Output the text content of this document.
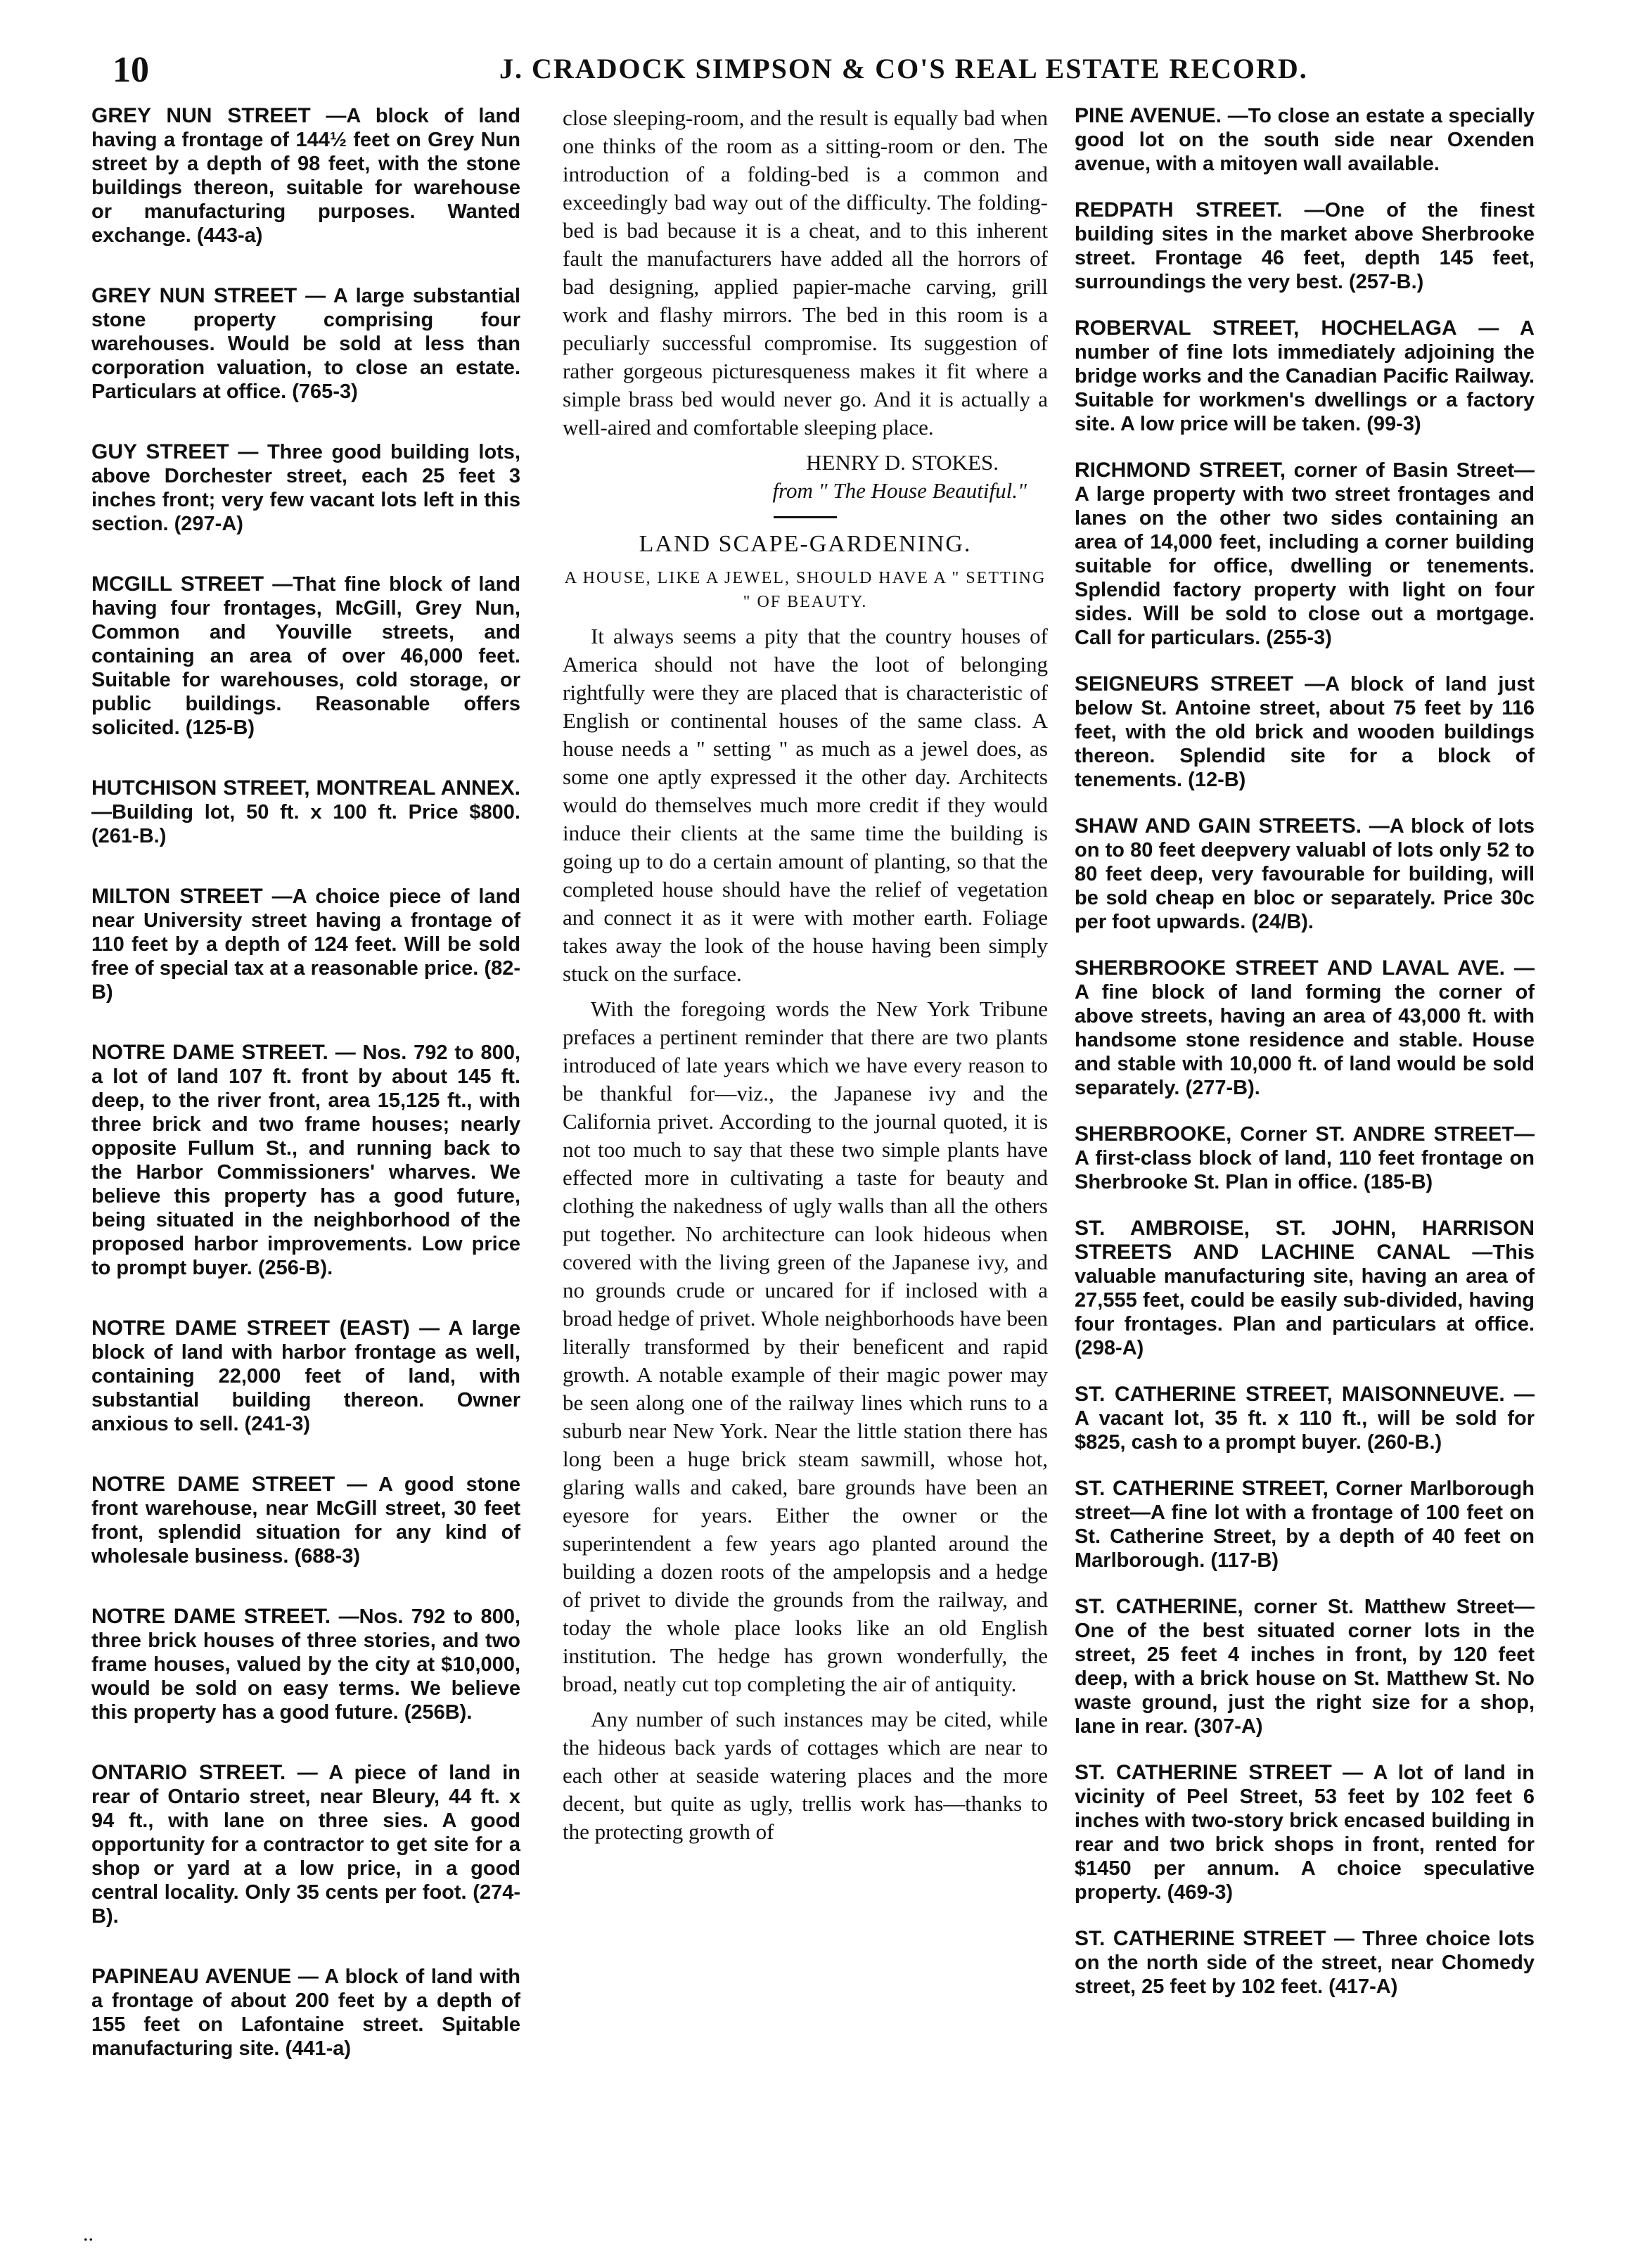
10	J. CRADOCK SIMPSON & CO'S REAL ESTATE RECORD.
GREY NUN STREET —A block of land having a frontage of 144½ feet on Grey Nun street by a depth of 98 feet, with the stone buildings thereon, suitable for warehouse or manufacturing purposes. Wanted exchange. (443-a)
GREY NUN STREET — A large substantial stone property comprising four warehouses. Would be sold at less than corporation valuation, to close an estate. Particulars at office. (765-3)
GUY STREET — Three good building lots, above Dorchester street, each 25 feet 3 inches front; very few vacant lots left in this section. (297-A)
MCGILL STREET —That fine block of land having four frontages, McGill, Grey Nun, Common and Youville streets, and containing an area of over 46,000 feet. Suitable for warehouses, cold storage, or public buildings. Reasonable offers solicited. (125-B)
HUTCHISON STREET, MONTREAL ANNEX. —Building lot, 50 ft. x 100 ft. Price $800. (261-B.)
MILTON STREET —A choice piece of land near University street having a frontage of 110 feet by a depth of 124 feet. Will be sold free of special tax at a reasonable price. (82-B)
NOTRE DAME STREET. — Nos. 792 to 800, a lot of land 107 ft. front by about 145 ft. deep, to the river front, area 15,125 ft., with three brick and two frame houses; nearly opposite Fullum St., and running back to the Harbor Commissioners' wharves. We believe this property has a good future, being situated in the neighborhood of the proposed harbor improvements. Low price to prompt buyer. (256-B).
NOTRE DAME STREET (EAST) — A large block of land with harbor frontage as well, containing 22,000 feet of land, with substantial building thereon. Owner anxious to sell. (241-3)
NOTRE DAME STREET — A good stone front warehouse, near McGill street, 30 feet front, splendid situation for any kind of wholesale business. (688-3)
NOTRE DAME STREET. —Nos. 792 to 800, three brick houses of three stories, and two frame houses, valued by the city at $10,000, would be sold on easy terms. We believe this property has a good future. (256B).
ONTARIO STREET. — A piece of land in rear of Ontario street, near Bleury, 44 ft. x 94 ft., with lane on three sies. A good opportunity for a contractor to get site for a shop or yard at a low price, in a good central locality. Only 35 cents per foot. (274-B).
PAPINEAU AVENUE — A block of land with a frontage of about 200 feet by a depth of 155 feet on Lafontaine street. Sµitable manufacturing site. (441-a)

close sleeping-room, and the result is equally bad when one thinks of the room as a sitting-room or den. The introduction of a folding-bed is a common and exceedingly bad way out of the difficulty. The folding-bed is bad because it is a cheat, and to this inherent fault the manufacturers have added all the horrors of bad designing, applied papier-mache carving, grill work and flashy mirrors. The bed in this room is a peculiarly successful compromise. Its suggestion of rather gorgeous picturesqueness makes it fit where a simple brass bed would never go. And it is actually a well-aired and comfortable sleeping place.

HENRY D. STOKES.
from " The House Beautiful."
LAND SCAPE-GARDENING.
A HOUSE, LIKE A JEWEL, SHOULD HAVE A " SETTING " OF BEAUTY.

It always seems a pity that the country houses of America should not have the loot of belonging rightfully were they are placed that is characteristic of English or continental houses of the same class. A house needs a " setting " as much as a jewel does, as some one aptly expressed it the other day. Architects would do themselves much more credit if they would induce their clients at the same time the building is going up to do a certain amount of planting, so that the completed house should have the relief of vegetation and connect it as it were with mother earth. Foliage takes away the look of the house having been simply stuck on the surface.

With the foregoing words the New York Tribune prefaces a pertinent reminder that there are two plants introduced of late years which we have every reason to be thankful for—viz., the Japanese ivy and the California privet. According to the journal quoted, it is not too much to say that these two simple plants have effected more in cultivating a taste for beauty and clothing the nakedness of ugly walls than all the others put together. No architecture can look hideous when covered with the living green of the Japanese ivy, and no grounds crude or uncared for if inclosed with a broad hedge of privet. Whole neighborhoods have been literally transformed by their beneficent and rapid growth. A notable example of their magic power may be seen along one of the railway lines which runs to a suburb near New York. Near the little station there has long been a huge brick steam sawmill, whose hot, glaring walls and caked, bare grounds have been an eyesore for years. Either the owner or the superintendent a few years ago planted around the building a dozen roots of the ampelopsis and a hedge of privet to divide the grounds from the railway, and today the whole place looks like an old English institution. The hedge has grown wonderfully, the broad, neatly cut top completing the air of antiquity.

Any number of such instances may be cited, while the hideous back yards of cottages which are near to each other at seaside watering places and the more decent, but quite as ugly, trellis work has—thanks to the protecting growth of

PINE AVENUE. —To close an estate a specially good lot on the south side near Oxenden avenue, with a mitoyen wall available.
REDPATH STREET. —One of the finest building sites in the market above Sherbrooke street. Frontage 46 feet, depth 145 feet, surroundings the very best. (257-B.)
ROBERVAL STREET, HOCHELAGA — A number of fine lots immediately adjoining the bridge works and the Canadian Pacific Railway. Suitable for workmen's dwellings or a factory site. A low price will be taken. (99-3)
RICHMOND STREET, corner of Basin Street—A large property with two street frontages and lanes on the other two sides containing an area of 14,000 feet, including a corner building suitable for office, dwelling or tenements. Splendid factory property with light on four sides. Will be sold to close out a mortgage. Call for particulars. (255-3)
SEIGNEURS STREET —A block of land just below St. Antoine street, about 75 feet by 116 feet, with the old brick and wooden buildings thereon. Splendid site for a block of tenements. (12-B)
SHAW AND GAIN STREETS. —A block of lots on to 80 feet deepvery valuabl of lots only 52 to 80 feet deep, very favourable for building, will be sold cheap en bloc or separately. Price 30c per foot upwards. (24/B).
SHERBROOKE STREET AND LAVAL AVE. — A fine block of land forming the corner of above streets, having an area of 43,000 ft. with handsome stone residence and stable. House and stable with 10,000 ft. of land would be sold separately. (277-B).
SHERBROOKE, Corner ST. ANDRE STREET—A first-class block of land, 110 feet frontage on Sherbrooke St. Plan in office. (185-B)
ST. AMBROISE, ST. JOHN, HARRISON STREETS AND LACHINE CANAL —This valuable manufacturing site, having an area of 27,555 feet, could be easily sub-divided, having four frontages. Plan and particulars at office. (298-A)
ST. CATHERINE STREET, MAISONNEUVE. —A vacant lot, 35 ft. x 110 ft., will be sold for $825, cash to a prompt buyer. (260-B.)
ST. CATHERINE STREET, Corner Marlborough street—A fine lot with a frontage of 100 feet on St. Catherine Street, by a depth of 40 feet on Marlborough. (117-B)
ST. CATHERINE, corner St. Matthew Street—One of the best situated corner lots in the street, 25 feet 4 inches in front, by 120 feet deep, with a brick house on St. Matthew St. No waste ground, just the right size for a shop, lane in rear. (307-A)
ST. CATHERINE STREET — A lot of land in vicinity of Peel Street, 53 feet by 102 feet 6 inches with two-story brick encased building in rear and two brick shops in front, rented for $1450 per annum. A choice speculative property. (469-3)
ST. CATHERINE STREET — Three choice lots on the north side of the street, near Chomedy street, 25 feet by 102 feet. (417-A)
..
